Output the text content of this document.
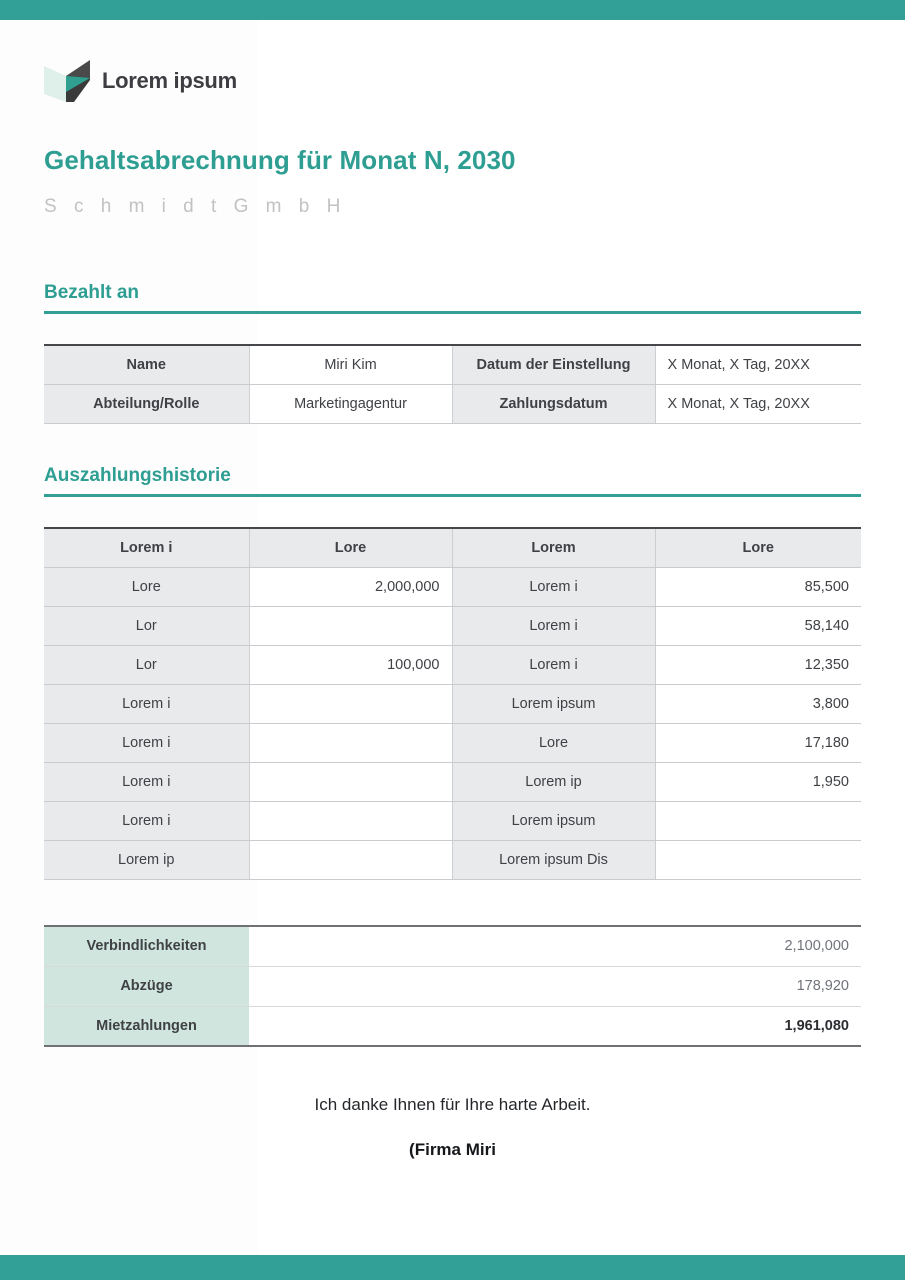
Lorem ipsum
Gehaltsabrechnung für Monat N, 2030
S c h m i d t G m b H
Bezahlt an
Name	Miri Kim	Datum der Einstellung	X Monat, X Tag, 20XX
Abteilung/Rolle	Marketingagentur	Zahlungsdatum	X Monat, X Tag, 20XX
Auszahlungshistorie
Lorem i	Lore	Lorem	Lore
Lore	2,000,000	Lorem i	85,500
Lor		Lorem i	58,140
Lor	100,000	Lorem i	12,350
Lorem i		Lorem ipsum	3,800
Lorem i		Lore	17,180
Lorem i		Lorem ip	1,950
Lorem i		Lorem ipsum	
Lorem ip		Lorem ipsum Dis	
Verbindlichkeiten	2,100,000
Abzüge	178,920
Mietzahlungen	1,961,080
Ich danke Ihnen für Ihre harte Arbeit.
(Firma Miri
